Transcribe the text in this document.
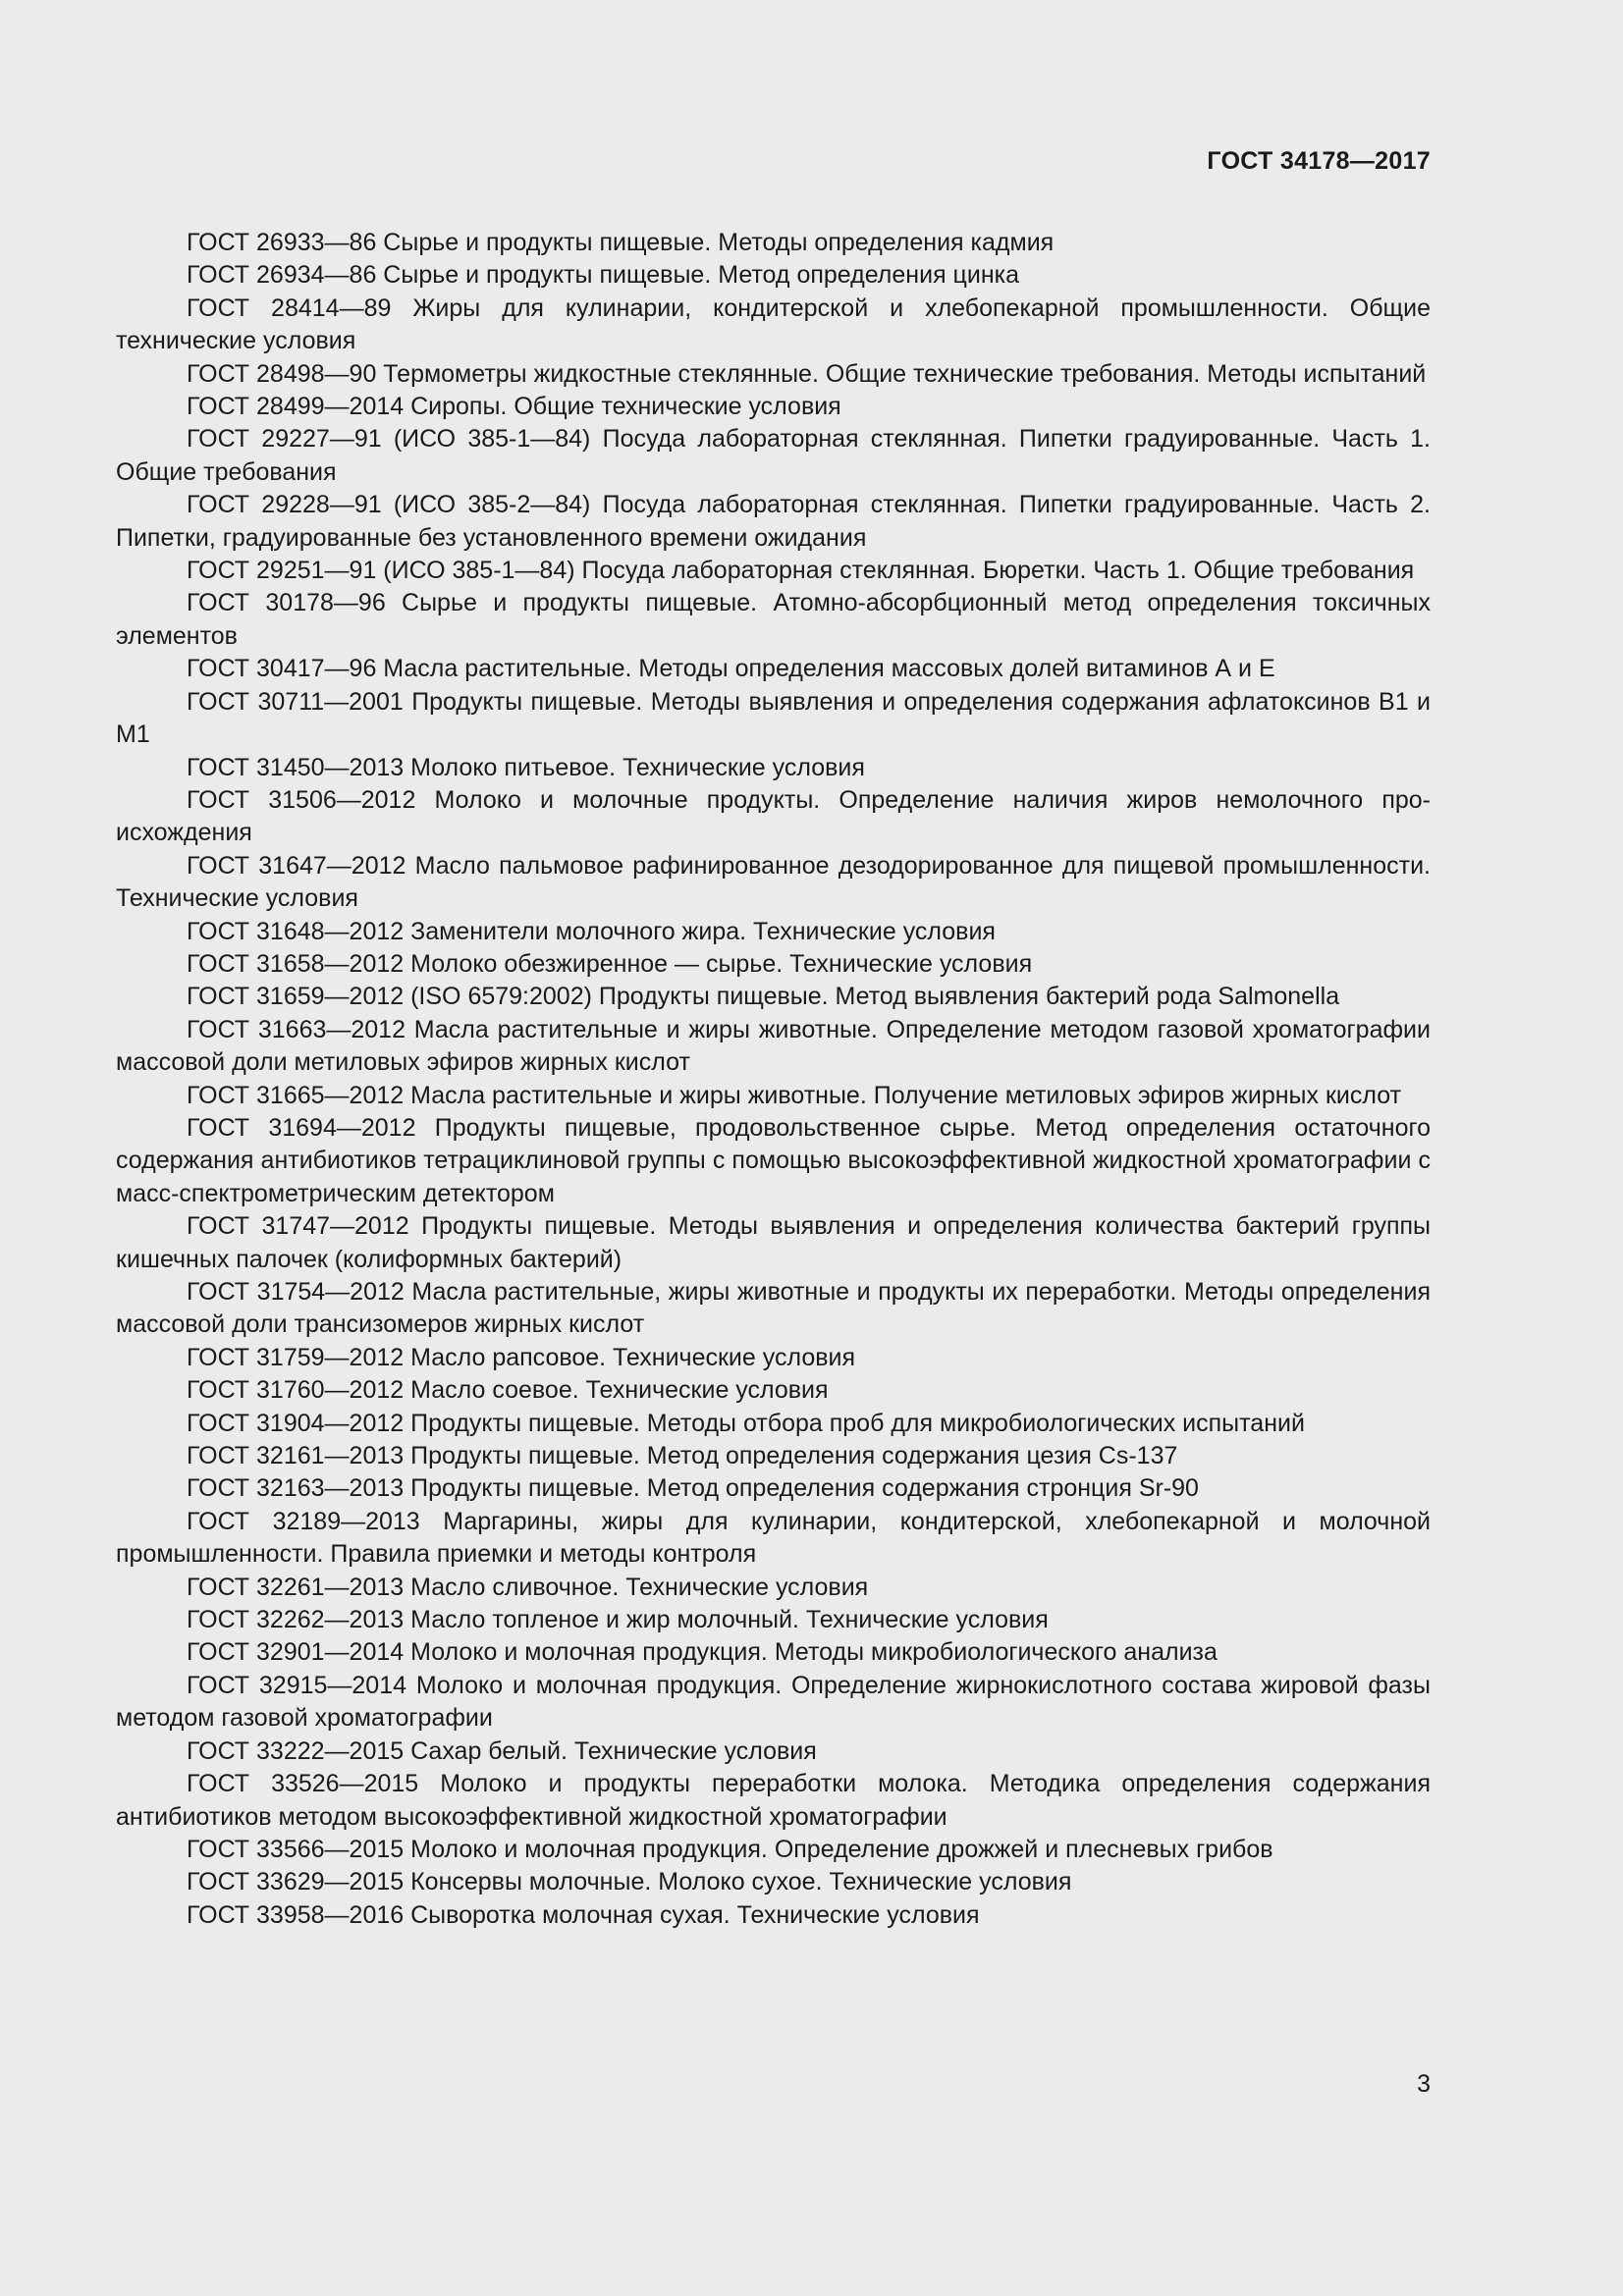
ГОСТ 34178—2017

ГОСТ 26933—86 Сырье и продукты пищевые. Методы определения кадмия

ГОСТ 26934—86 Сырье и продукты пищевые. Метод определения цинка

ГОСТ 28414—89 Жиры для кулинарии, кондитерской и хлебопекарной промышленности. Общие технические условия

ГОСТ 28498—90 Термометры жидкостные стеклянные. Общие технические требования. Методы испытаний

ГОСТ 28499—2014 Сиропы. Общие технические условия

ГОСТ 29227—91 (ИСО 385-1—84) Посуда лабораторная стеклянная. Пипетки градуированные. Часть 1. Общие требования

ГОСТ 29228—91 (ИСО 385-2—84) Посуда лабораторная стеклянная. Пипетки градуированные. Часть 2. Пипетки, градуированные без установленного времени ожидания

ГОСТ 29251—91 (ИСО 385-1—84) Посуда лабораторная стеклянная. Бюретки. Часть 1. Общие требования

ГОСТ 30178—96 Сырье и продукты пищевые. Атомно-абсорбционный метод определения токсичных элементов

ГОСТ 30417—96 Масла растительные. Методы определения массовых долей витаминов А и Е

ГОСТ 30711—2001 Продукты пищевые. Методы выявления и определения содержания афлатоксинов В1 и М1

ГОСТ 31450—2013 Молоко питьевое. Технические условия

ГОСТ 31506—2012 Молоко и молочные продукты. Определение наличия жиров немолочного происхождения

ГОСТ 31647—2012 Масло пальмовое рафинированное дезодорированное для пищевой промышленности. Технические условия

ГОСТ 31648—2012 Заменители молочного жира. Технические условия

ГОСТ 31658—2012 Молоко обезжиренное — сырье. Технические условия

ГОСТ 31659—2012 (ISO 6579:2002) Продукты пищевые. Метод выявления бактерий рода Salmonella

ГОСТ 31663—2012 Масла растительные и жиры животные. Определение методом газовой хроматографии массовой доли метиловых эфиров жирных кислот

ГОСТ 31665—2012 Масла растительные и жиры животные. Получение метиловых эфиров жирных кислот

ГОСТ 31694—2012 Продукты пищевые, продовольственное сырье. Метод определения остаточного содержания антибиотиков тетрациклиновой группы с помощью высокоэффективной жидкостной хроматографии с масс-спектрометрическим детектором

ГОСТ 31747—2012 Продукты пищевые. Методы выявления и определения количества бактерий группы кишечных палочек (колиформных бактерий)

ГОСТ 31754—2012 Масла растительные, жиры животные и продукты их переработки. Методы определения массовой доли трансизомеров жирных кислот

ГОСТ 31759—2012 Масло рапсовое. Технические условия

ГОСТ 31760—2012 Масло соевое. Технические условия

ГОСТ 31904—2012 Продукты пищевые. Методы отбора проб для микробиологических испытаний

ГОСТ 32161—2013 Продукты пищевые. Метод определения содержания цезия Cs-137

ГОСТ 32163—2013 Продукты пищевые. Метод определения содержания стронция Sr-90

ГОСТ 32189—2013 Маргарины, жиры для кулинарии, кондитерской, хлебопекарной и молочной промышленности. Правила приемки и методы контроля

ГОСТ 32261—2013 Масло сливочное. Технические условия

ГОСТ 32262—2013 Масло топленое и жир молочный. Технические условия

ГОСТ 32901—2014 Молоко и молочная продукция. Методы микробиологического анализа

ГОСТ 32915—2014 Молоко и молочная продукция. Определение жирнокислотного состава жировой фазы методом газовой хроматографии

ГОСТ 33222—2015 Сахар белый. Технические условия

ГОСТ 33526—2015 Молоко и продукты переработки молока. Методика определения содержания антибиотиков методом высокоэффективной жидкостной хроматографии

ГОСТ 33566—2015 Молоко и молочная продукция. Определение дрожжей и плесневых грибов

ГОСТ 33629—2015 Консервы молочные. Молоко сухое. Технические условия

ГОСТ 33958—2016 Сыворотка молочная сухая. Технические условия

3
